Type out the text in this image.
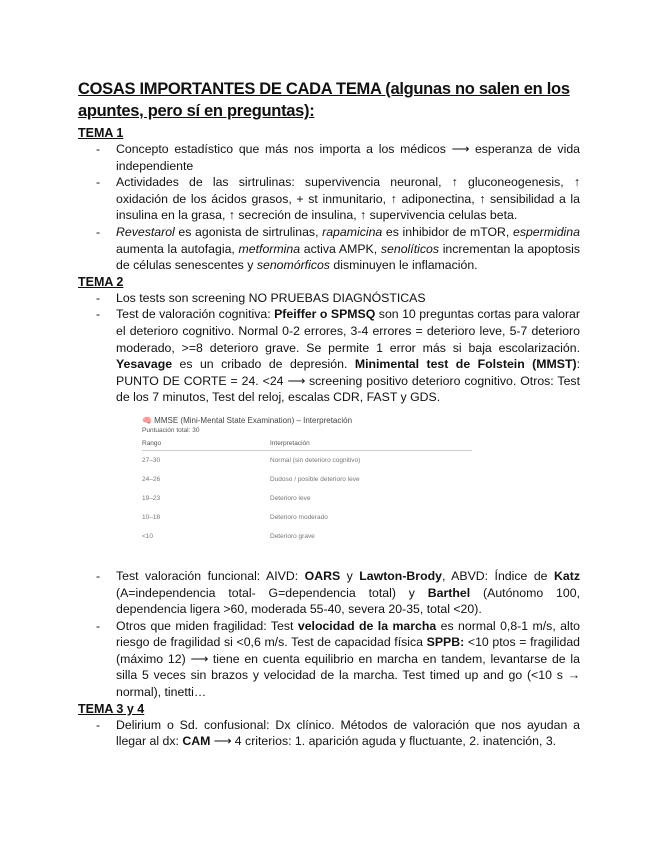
COSAS IMPORTANTES DE CADA TEMA (algunas no salen en los apuntes, pero sí en preguntas):
TEMA 1
- Concepto estadístico que más nos importa a los médicos ⟶ esperanza de vida independiente
- Actividades de las sirtrulinas: supervivencia neuronal, ↑ gluconeogenesis, ↑ oxidación de los ácidos grasos, + st inmunitario, ↑ adiponectina, ↑ sensibilidad a la insulina en la grasa, ↑ secreción de insulina, ↑ supervivencia celulas beta.
- Revestarol es agonista de sirtrulinas, rapamicina es inhibidor de mTOR, espermidina aumenta la autofagia, metformina activa AMPK, senolíticos incrementan la apoptosis de células senescentes y senomórficos disminuyen le inflamación.
TEMA 2
- Los tests son screening NO PRUEBAS DIAGNÓSTICAS
- Test de valoración cognitiva: Pfeiffer o SPMSQ son 10 preguntas cortas para valorar el deterioro cognitivo. Normal 0-2 errores, 3-4 errores = deterioro leve, 5-7 deterioro moderado, >=8 deterioro grave. Se permite 1 error más si baja escolarización. Yesavage es un cribado de depresión. Minimental test de Folstein (MMST): PUNTO DE CORTE = 24. <24 ⟶ screening positivo deterioro cognitivo. Otros: Test de los 7 minutos, Test del reloj, escalas CDR, FAST y GDS.
🧠 MMSE (Mini-Mental State Examination) – Interpretación
Puntuación total: 30
Rango	Interpretación
27–30	Normal (sin deterioro cognitivo)
24–26	Dudoso / posible deterioro leve
19–23	Deterioro leve
10–18	Deterioro moderado
<10	Deterioro grave
- Test valoración funcional: AIVD: OARS y Lawton-Brody, ABVD: Índice de Katz (A=independencia total- G=dependencia total) y Barthel (Autónomo 100, dependencia ligera >60, moderada 55-40, severa 20-35, total <20).
- Otros que miden fragilidad: Test velocidad de la marcha es normal 0,8-1 m/s, alto riesgo de fragilidad si <0,6 m/s. Test de capacidad física SPPB: <10 ptos = fragilidad (máximo 12) ⟶ tiene en cuenta equilibrio en marcha en tandem, levantarse de la silla 5 veces sin brazos y velocidad de la marcha. Test timed up and go (<10 s → normal), tinetti…
TEMA 3 y 4
- Delirium o Sd. confusional: Dx clínico. Métodos de valoración que nos ayudan a llegar al dx: CAM ⟶ 4 criterios: 1. aparición aguda y fluctuante, 2. inatención, 3.
